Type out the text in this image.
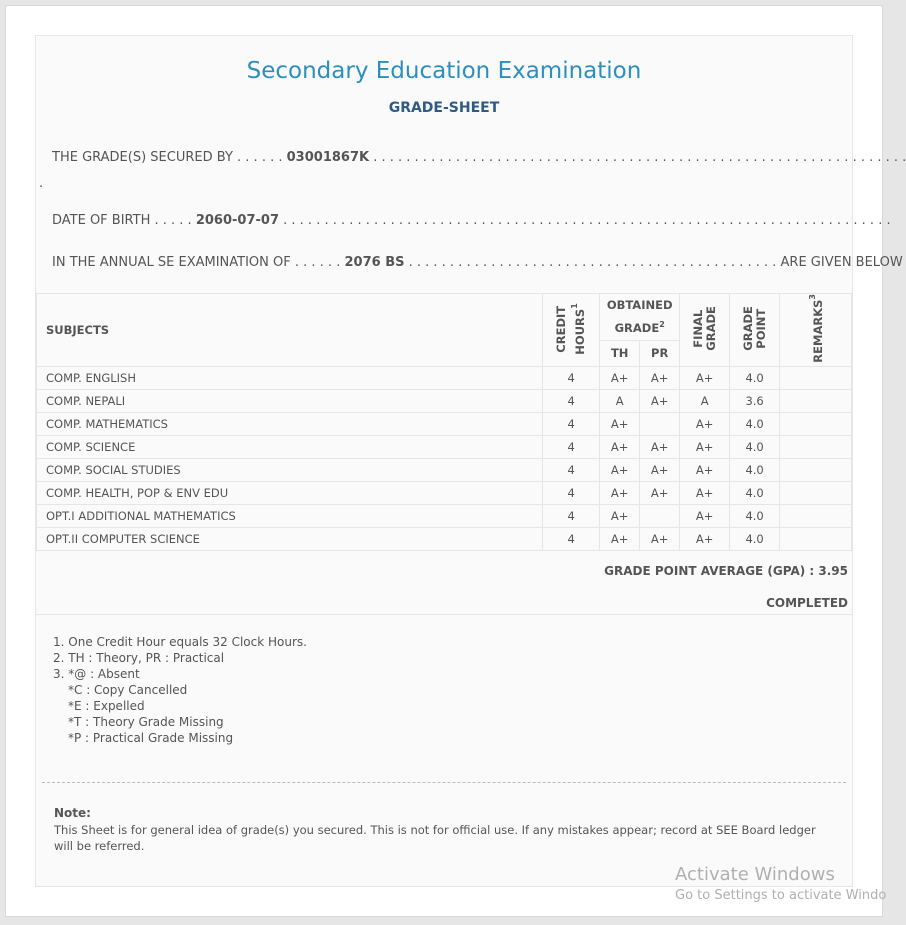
Secondary Education Examination
GRADE-SHEET
THE GRADE(S) SECURED BY . . . . . . 03001867K . . . . . . . . . . . . . . . . . . . . . . . . . . . . . . . . . . . . . . . . . . . . . . . . . . . . . . . . . . . . . . . . .
.
DATE OF BIRTH . . . . . 2060-07-07 . . . . . . . . . . . . . . . . . . . . . . . . . . . . . . . . . . . . . . . . . . . . . . . . . . . . . . . . . . . . . . . . . . . . . . . . . .
IN THE ANNUAL SE EXAMINATION OF . . . . . . 2076 BS . . . . . . . . . . . . . . . . . . . . . . . . . . . . . . . . . . . . . . . . . . . . . ARE GIVEN BELOW
SUBJECTS	CREDIT HOURS$^1$	OBTAINED GRADE$^2$		FINAL GRADE	GRADE POINT	REMARKS$^3$
		TH	PR			
COMP. ENGLISH	4	A+	A+	A+	4.0	
COMP. NEPALI	4	A	A+	A	3.6	
COMP. MATHEMATICS	4	A+		A+	4.0	
COMP. SCIENCE	4	A+	A+	A+	4.0	
COMP. SOCIAL STUDIES	4	A+	A+	A+	4.0	
COMP. HEALTH, POP & ENV EDU	4	A+	A+	A+	4.0	
OPT.I ADDITIONAL MATHEMATICS	4	A+		A+	4.0	
OPT.II COMPUTER SCIENCE	4	A+	A+	A+	4.0	
GRADE POINT AVERAGE (GPA) : 3.95
COMPLETED
1. One Credit Hour equals 32 Clock Hours.
2. TH : Theory, PR : Practical
3. *@ : Absent
*C : Copy Cancelled
*E : Expelled
*T : Theory Grade Missing
*P : Practical Grade Missing
Note:
This Sheet is for general idea of grade(s) you secured. This is not for official use. If any mistakes appear; record at SEE Board ledger will be referred.
Activate Windows
Go to Settings to activate Windo
